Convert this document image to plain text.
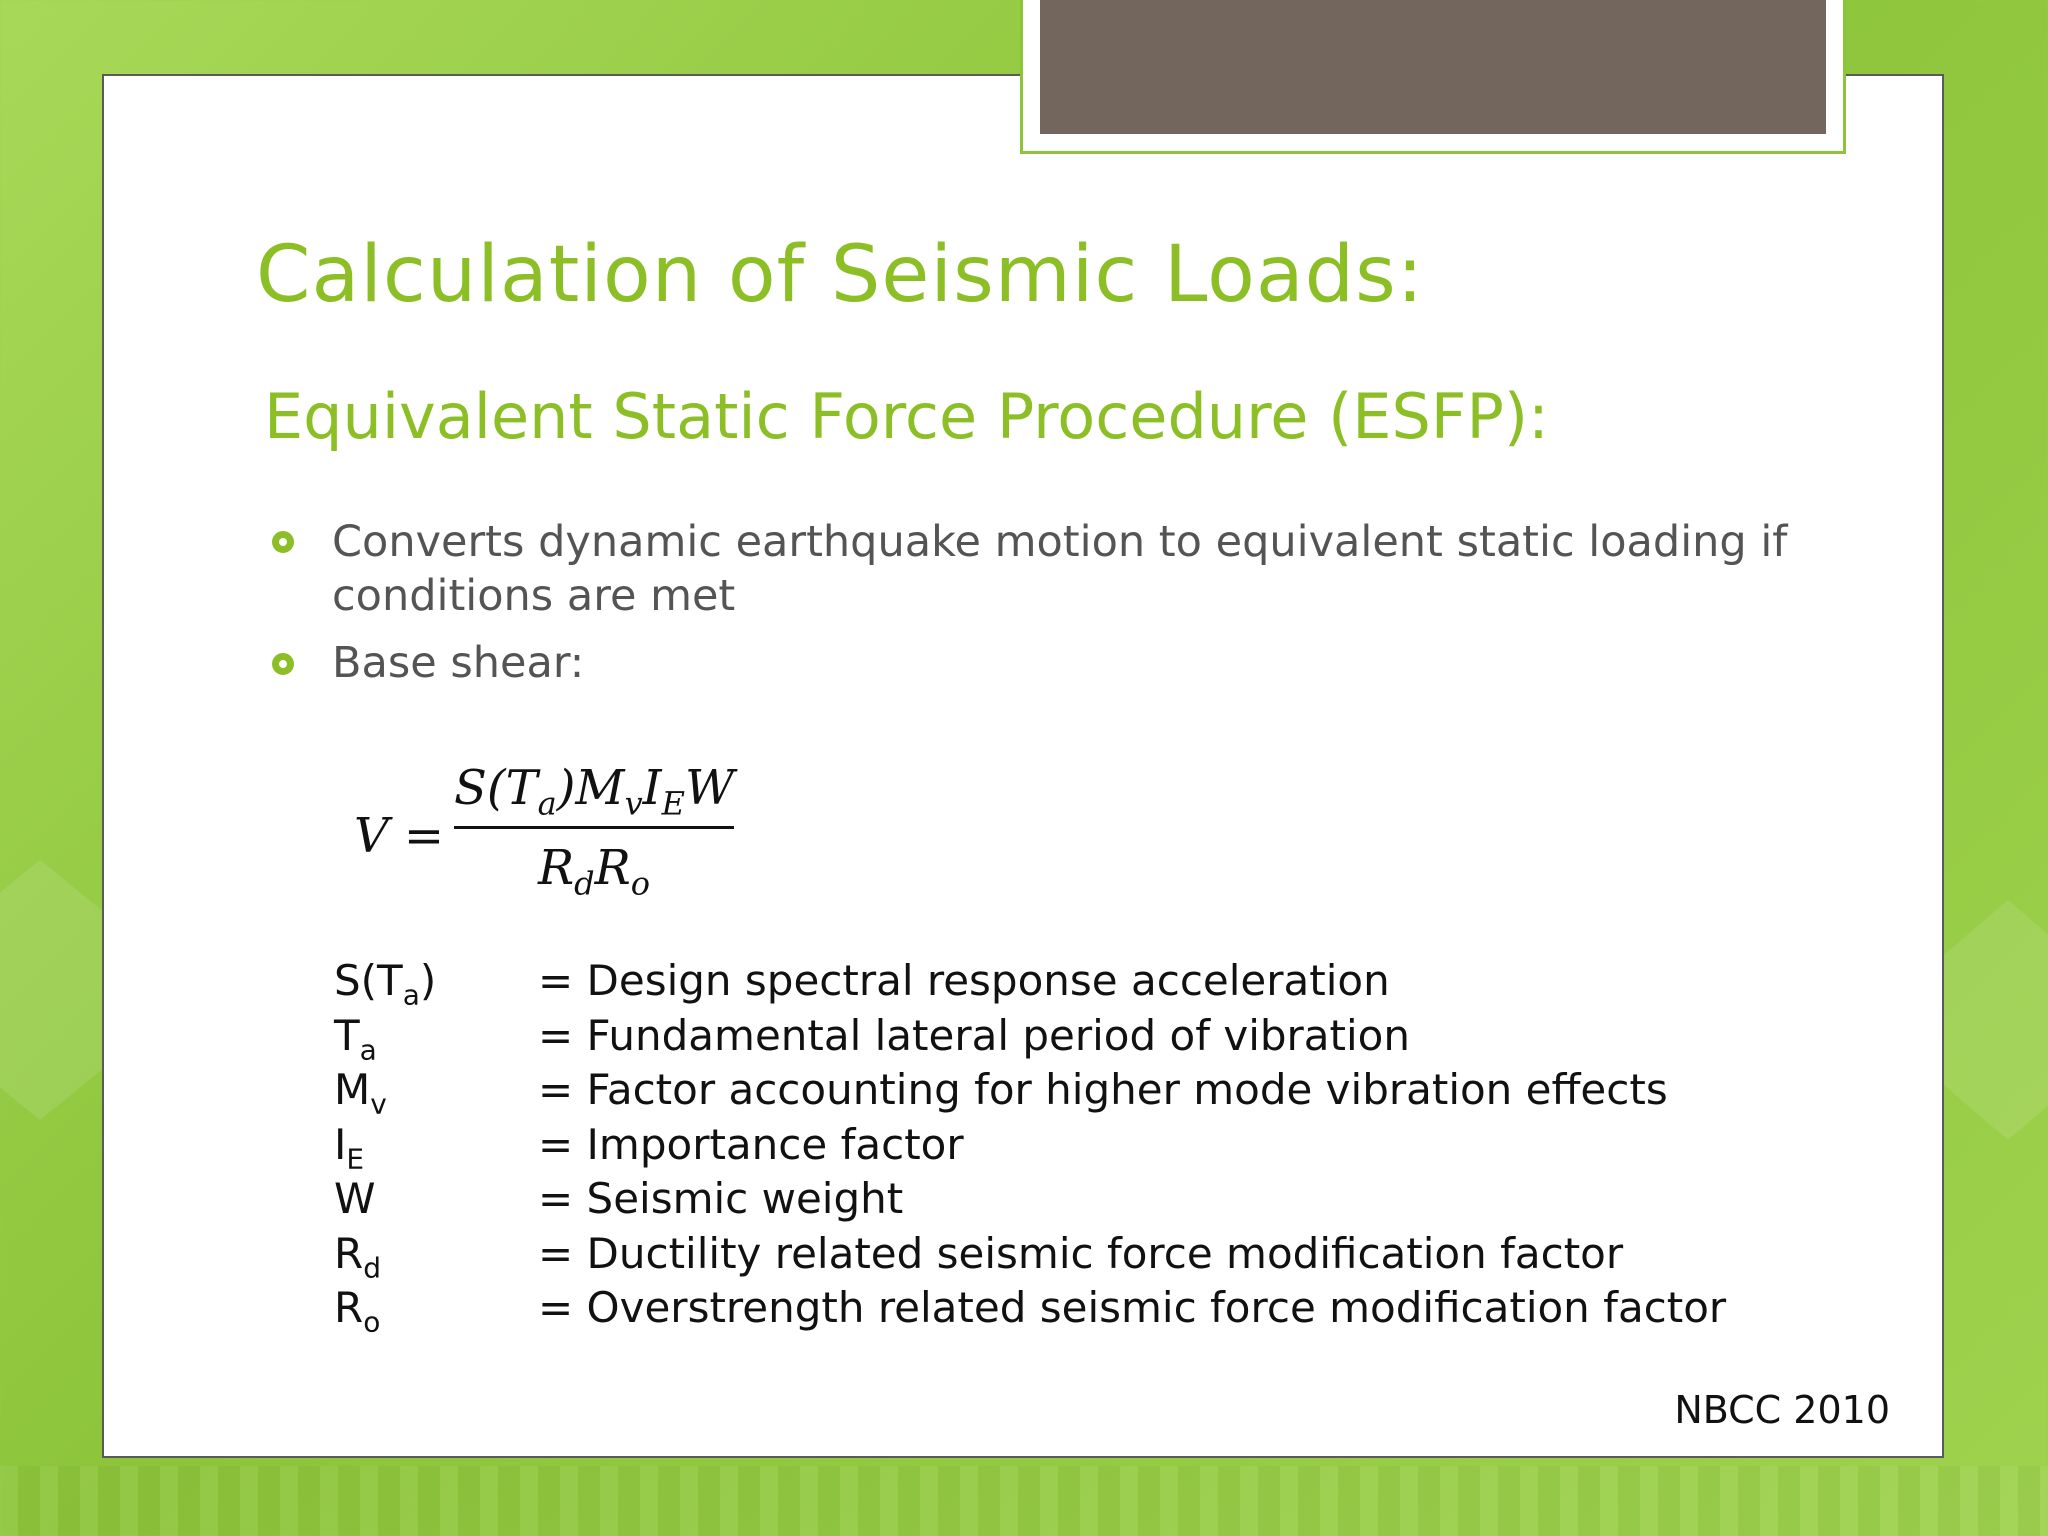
Calculation of Seismic Loads:
Equivalent Static Force Procedure (ESFP):
Converts dynamic earthquake motion to equivalent static loading if conditions are met
Base shear:
V =
$S(T_a)M_vI_EW$
$R_dR_o$
$S(T_a)$ = Design spectral response acceleration
$T_a$	= Fundamental lateral period of vibration
$M_v$	= Factor accounting for higher mode vibration effects
$I_E$	= Importance factor
W	= Seismic weight
$R_d$	= Ductility related seismic force modification factor
$R_o$	= Overstrength related seismic force modification factor
NBCC 2010
